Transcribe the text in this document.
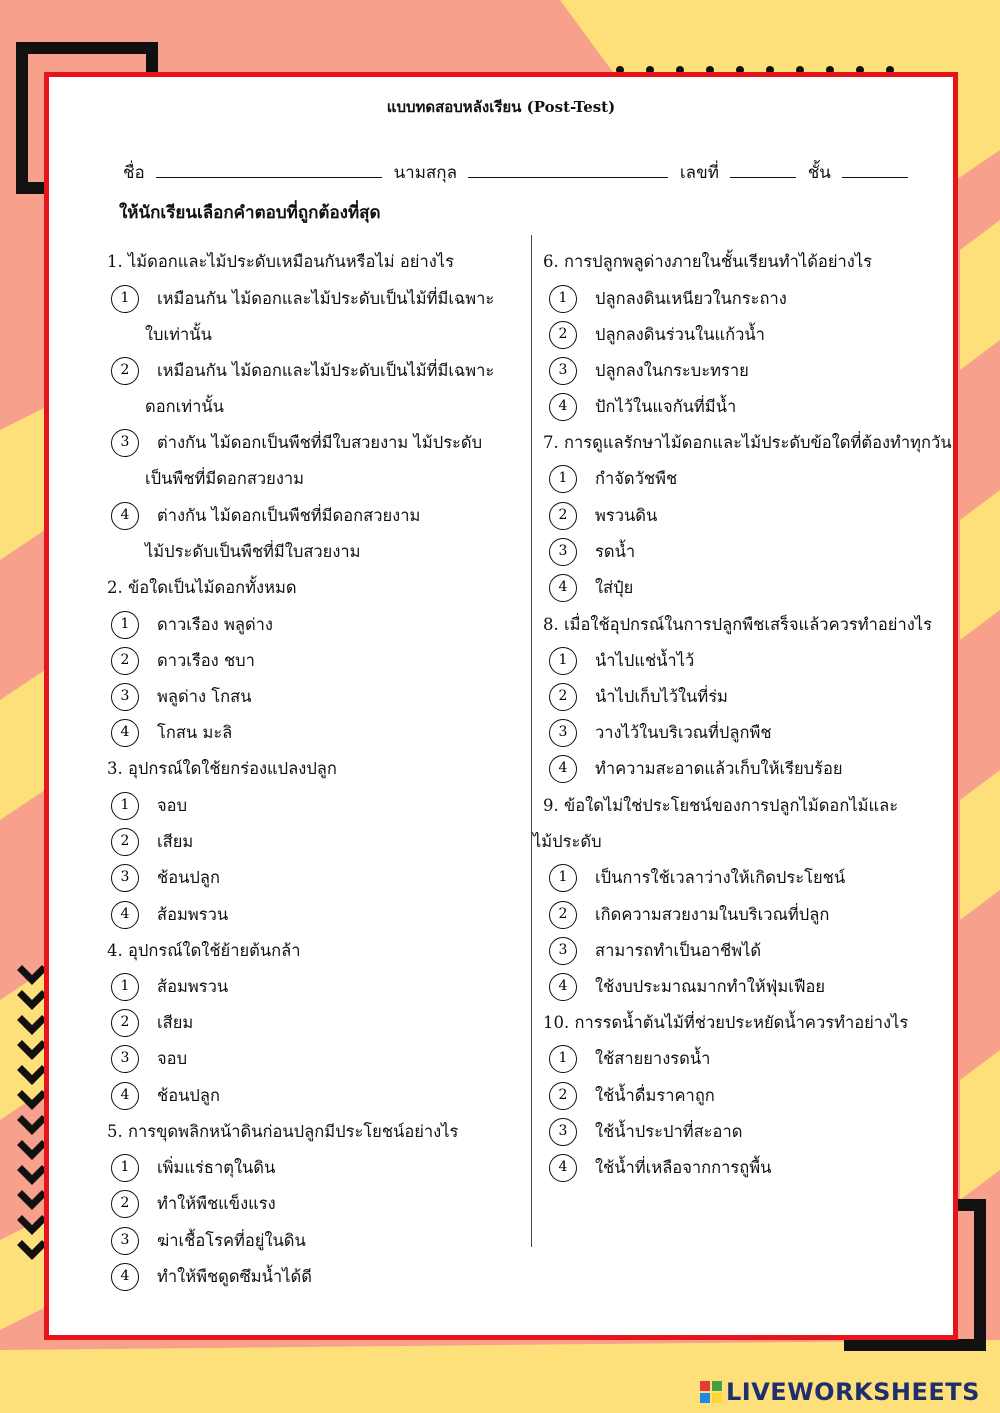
แบบทดสอบหลังเรียน (Post-Test)
ชื่อ	นามสกุล	เลขที่	ชั้น
ให้นักเรียนเลือกคำตอบที่ถูกต้องที่สุด
1. ไม้ดอกและไม้ประดับเหมือนกันหรือไม่ อย่างไร
1	เหมือนกัน ไม้ดอกและไม้ประดับเป็นไม้ที่มีเฉพาะ
ใบเท่านั้น
2	เหมือนกัน ไม้ดอกและไม้ประดับเป็นไม้ที่มีเฉพาะ
ดอกเท่านั้น
3	ต่างกัน ไม้ดอกเป็นพืชที่มีใบสวยงาม ไม้ประดับ
เป็นพืชที่มีดอกสวยงาม
4	ต่างกัน ไม้ดอกเป็นพืชที่มีดอกสวยงาม
ไม้ประดับเป็นพืชที่มีใบสวยงาม
2. ข้อใดเป็นไม้ดอกทั้งหมด
1	ดาวเรือง พลูด่าง
2	ดาวเรือง ชบา
3	พลูด่าง โกสน
4	โกสน มะลิ
3. อุปกรณ์ใดใช้ยกร่องแปลงปลูก
1	จอบ
2	เสียม
3	ช้อนปลูก
4	ส้อมพรวน
4. อุปกรณ์ใดใช้ย้ายต้นกล้า
1	ส้อมพรวน
2	เสียม
3	จอบ
4	ช้อนปลูก
5. การขุดพลิกหน้าดินก่อนปลูกมีประโยชน์อย่างไร
1	เพิ่มแร่ธาตุในดิน
2	ทำให้พืชแข็งแรง
3	ฆ่าเชื้อโรคที่อยู่ในดิน
4	ทำให้พืชดูดซึมน้ำได้ดี
6. การปลูกพลูด่างภายในชั้นเรียนทำได้อย่างไร
1	ปลูกลงดินเหนียวในกระถาง
2	ปลูกลงดินร่วนในแก้วน้ำ
3	ปลูกลงในกระบะทราย
4	ปักไว้ในแจกันที่มีน้ำ
7. การดูแลรักษาไม้ดอกและไม้ประดับข้อใดที่ต้องทำทุกวัน
1	กำจัดวัชพืช
2	พรวนดิน
3	รดน้ำ
4	ใส่ปุ๋ย
8. เมื่อใช้อุปกรณ์ในการปลูกพืชเสร็จแล้วควรทำอย่างไร
1	นำไปแช่น้ำไว้
2	นำไปเก็บไว้ในที่ร่ม
3	วางไว้ในบริเวณที่ปลูกพืช
4	ทำความสะอาดแล้วเก็บให้เรียบร้อย
9. ข้อใดไม่ใช่ประโยชน์ของการปลูกไม้ดอกไม้และ
ไม้ประดับ
1	เป็นการใช้เวลาว่างให้เกิดประโยชน์
2	เกิดความสวยงามในบริเวณที่ปลูก
3	สามารถทำเป็นอาชีพได้
4	ใช้งบประมาณมากทำให้ฟุ่มเฟือย
10. การรดน้ำต้นไม้ที่ช่วยประหยัดน้ำควรทำอย่างไร
1	ใช้สายยางรดน้ำ
2	ใช้น้ำดื่มราคาถูก
3	ใช้น้ำประปาที่สะอาด
4	ใช้น้ำที่เหลือจากการถูพื้น
LIVEWORKSHEETS
